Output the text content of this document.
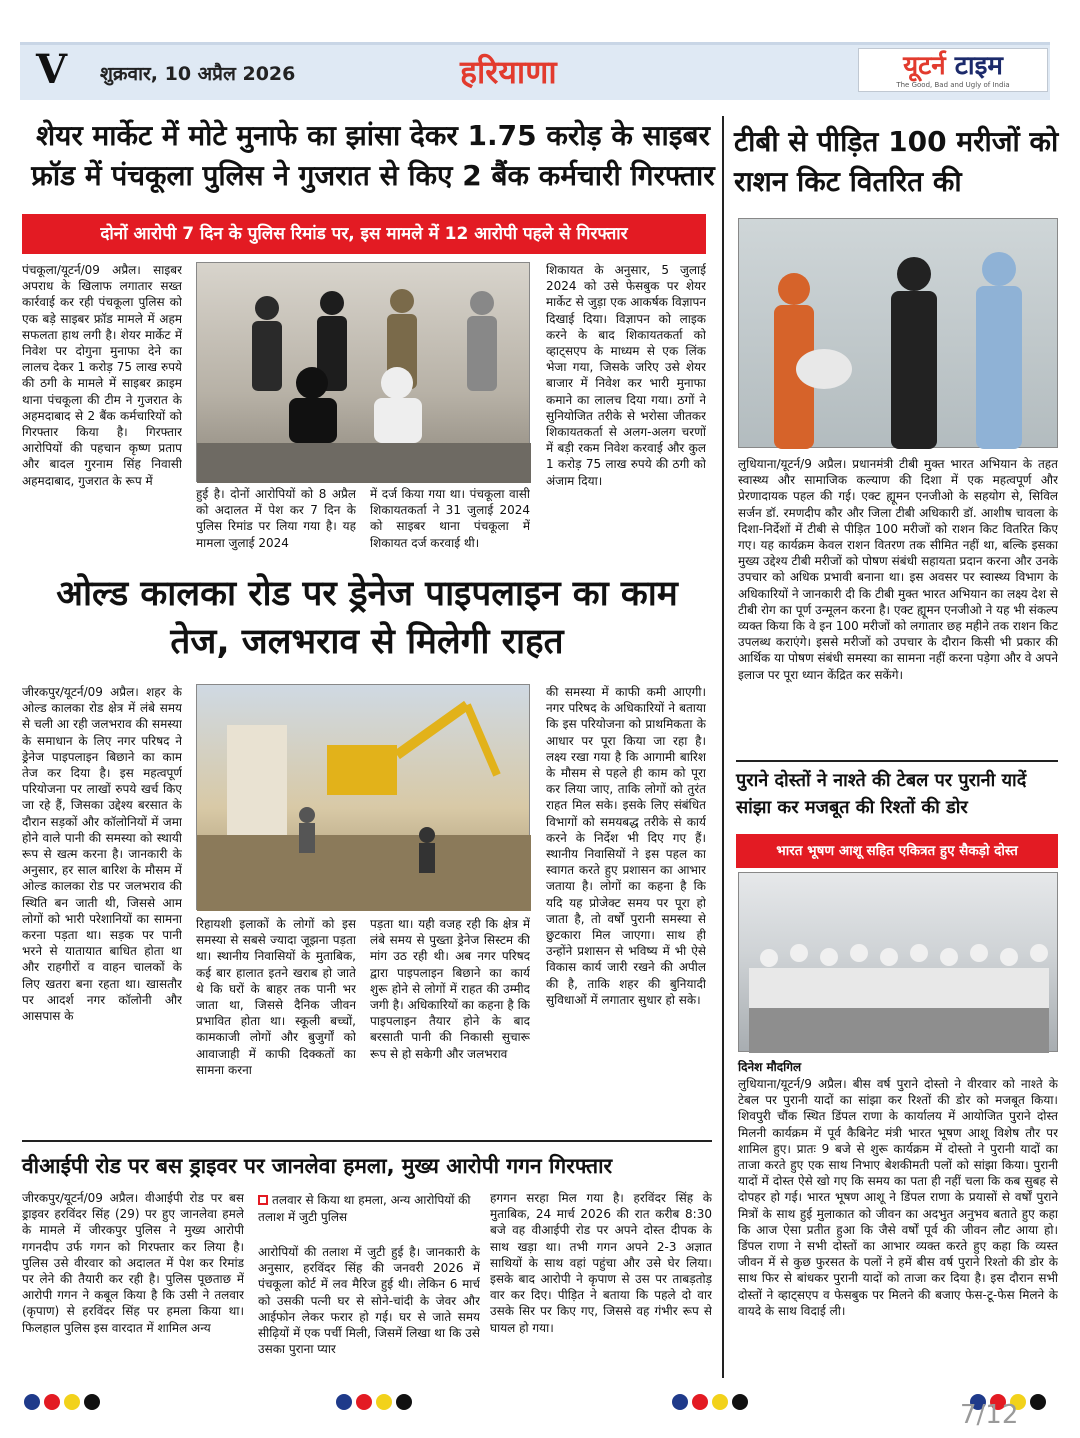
V शुक्रवार, 10 अप्रैल 2026	हरियाणा	यूटर्न टाइम
The Good, Bad and Ugly of India
शेयर मार्केट में मोटे मुनाफे का झांसा देकर 1.75 करोड़ के साइबर फ्रॉड में पंचकूला पुलिस ने गुजरात से किए 2 बैंक कर्मचारी गिरफ्तार
दोनों आरोपी 7 दिन के पुलिस रिमांड पर, इस मामले में 12 आरोपी पहले से गिरफ्तार
पंचकूला/यूटर्न/09 अप्रैल। साइबर अपराध के खिलाफ लगातार सख्त कार्रवाई कर रही पंचकूला पुलिस को एक बड़े साइबर फ्रॉड मामले में अहम सफलता हाथ लगी है। शेयर मार्केट में निवेश पर दोगुना मुनाफा देने का लालच देकर 1 करोड़ 75 लाख रुपये की ठगी के मामले में साइबर क्राइम थाना पंचकूला की टीम ने गुजरात के अहमदाबाद से 2 बैंक कर्मचारियों को गिरफ्तार किया है। गिरफ्तार आरोपियों की पहचान कृष्ण प्रताप और बादल गुरनाम सिंह निवासी अहमदाबाद, गुजरात के रूप में
हुई है। दोनों आरोपियों को 8 अप्रैल को अदालत में पेश कर 7 दिन के पुलिस रिमांड पर लिया गया है। यह मामला जुलाई 2024
में दर्ज किया गया था। पंचकूला वासी शिकायतकर्ता ने 31 जुलाई 2024 को साइबर थाना पंचकूला में शिकायत दर्ज करवाई थी।
शिकायत के अनुसार, 5 जुलाई 2024 को उसे फेसबुक पर शेयर मार्केट से जुड़ा एक आकर्षक विज्ञापन दिखाई दिया। विज्ञापन को लाइक करने के बाद शिकायतकर्ता को व्हाट्सएप के माध्यम से एक लिंक भेजा गया, जिसके जरिए उसे शेयर बाजार में निवेश कर भारी मुनाफा कमाने का लालच दिया गया। ठगों ने सुनियोजित तरीके से भरोसा जीतकर शिकायतकर्ता से अलग-अलग चरणों में बड़ी रकम निवेश करवाई और कुल 1 करोड़ 75 लाख रुपये की ठगी को अंजाम दिया।
ओल्ड कालका रोड पर ड्रेनेज पाइपलाइन का काम तेज, जलभराव से मिलेगी राहत
जीरकपुर/यूटर्न/09 अप्रैल। शहर के ओल्ड कालका रोड क्षेत्र में लंबे समय से चली आ रही जलभराव की समस्या के समाधान के लिए नगर परिषद ने ड्रेनेज पाइपलाइन बिछाने का काम तेज कर दिया है। इस महत्वपूर्ण परियोजना पर लाखों रुपये खर्च किए जा रहे हैं, जिसका उद्देश्य बरसात के दौरान सड़कों और कॉलोनियों में जमा होने वाले पानी की समस्या को स्थायी रूप से खत्म करना है। जानकारी के अनुसार, हर साल बारिश के मौसम में ओल्ड कालका रोड पर जलभराव की स्थिति बन जाती थी, जिससे आम लोगों को भारी परेशानियों का सामना करना पड़ता था। सड़क पर पानी भरने से यातायात बाधित होता था और राहगीरों व वाहन चालकों के लिए खतरा बना रहता था। खासतौर पर आदर्श नगर कॉलोनी और आसपास के
रिहायशी इलाकों के लोगों को इस समस्या से सबसे ज्यादा जूझना पड़ता था। स्थानीय निवासियों के मुताबिक, कई बार हालात इतने खराब हो जाते थे कि घरों के बाहर तक पानी भर जाता था, जिससे दैनिक जीवन प्रभावित होता था। स्कूली बच्चों, कामकाजी लोगों और बुजुर्गों को आवाजाही में काफी दिक्कतों का सामना करना
पड़ता था। यही वजह रही कि क्षेत्र में लंबे समय से पुख्ता ड्रेनेज सिस्टम की मांग उठ रही थी। अब नगर परिषद द्वारा पाइपलाइन बिछाने का कार्य शुरू होने से लोगों में राहत की उम्मीद जगी है। अधिकारियों का कहना है कि पाइपलाइन तैयार होने के बाद बरसाती पानी की निकासी सुचारू रूप से हो सकेगी और जलभराव
की समस्या में काफी कमी आएगी। नगर परिषद के अधिकारियों ने बताया कि इस परियोजना को प्राथमिकता के आधार पर पूरा किया जा रहा है। लक्ष्य रखा गया है कि आगामी बारिश के मौसम से पहले ही काम को पूरा कर लिया जाए, ताकि लोगों को तुरंत राहत मिल सके। इसके लिए संबंधित विभागों को समयबद्ध तरीके से कार्य करने के निर्देश भी दिए गए हैं। स्थानीय निवासियों ने इस पहल का स्वागत करते हुए प्रशासन का आभार जताया है। लोगों का कहना है कि यदि यह प्रोजेक्ट समय पर पूरा हो जाता है, तो वर्षों पुरानी समस्या से छुटकारा मिल जाएगा। साथ ही उन्होंने प्रशासन से भविष्य में भी ऐसे विकास कार्य जारी रखने की अपील की है, ताकि शहर की बुनियादी सुविधाओं में लगातार सुधार हो सके।
वीआईपी रोड पर बस ड्राइवर पर जानलेवा हमला, मुख्य आरोपी गगन गिरफ्तार
जीरकपुर/यूटर्न/09 अप्रैल। वीआईपी रोड पर बस ड्राइवर हरविंदर सिंह (29) पर हुए जानलेवा हमले के मामले में जीरकपुर पुलिस ने मुख्य आरोपी गगनदीप उर्फ गगन को गिरफ्तार कर लिया है। पुलिस उसे वीरवार को अदालत में पेश कर रिमांड पर लेने की तैयारी कर रही है। पुलिस पूछताछ में आरोपी गगन ने कबूल किया है कि उसी ने तलवार (कृपाण) से हरविंदर सिंह पर हमला किया था। फिलहाल पुलिस इस वारदात में शामिल अन्य
तलवार से किया था हमला, अन्य आरोपियों की तलाश में जुटी पुलिस
आरोपियों की तलाश में जुटी हुई है। जानकारी के अनुसार, हरविंदर सिंह की जनवरी 2026 में पंचकूला कोर्ट में लव मैरिज हुई थी। लेकिन 6 मार्च को उसकी पत्नी घर से सोने-चांदी के जेवर और आईफोन लेकर फरार हो गई। घर से जाते समय सीढ़ियों में एक पर्ची मिली, जिसमें लिखा था कि उसे उसका पुराना प्यार
हगगन सरहा मिल गया है। हरविंदर सिंह के मुताबिक, 24 मार्च 2026 की रात करीब 8:30 बजे वह वीआईपी रोड पर अपने दोस्त दीपक के साथ खड़ा था। तभी गगन अपने 2-3 अज्ञात साथियों के साथ वहां पहुंचा और उसे घेर लिया। इसके बाद आरोपी ने कृपाण से उस पर ताबड़तोड़ वार कर दिए। पीड़ित ने बताया कि पहले दो वार उसके सिर पर किए गए, जिससे वह गंभीर रूप से घायल हो गया।
टीबी से पीड़ित 100 मरीजों को राशन किट वितरित की
लुधियाना/यूटर्न/9 अप्रैल। प्रधानमंत्री टीबी मुक्त भारत अभियान के तहत स्वास्थ्य और सामाजिक कल्याण की दिशा में एक महत्वपूर्ण और प्रेरणादायक पहल की गई। एक्ट ह्यूमन एनजीओ के सहयोग से, सिविल सर्जन डॉ. रमणदीप कौर और जिला टीबी अधिकारी डॉ. आशीष चावला के दिशा-निर्देशों में टीबी से पीड़ित 100 मरीजों को राशन किट वितरित किए गए। यह कार्यक्रम केवल राशन वितरण तक सीमित नहीं था, बल्कि इसका मुख्य उद्देश्य टीबी मरीजों को पोषण संबंधी सहायता प्रदान करना और उनके उपचार को अधिक प्रभावी बनाना था। इस अवसर पर स्वास्थ्य विभाग के अधिकारियों ने जानकारी दी कि टीबी मुक्त भारत अभियान का लक्ष्य देश से टीबी रोग का पूर्ण उन्मूलन करना है। एक्ट ह्यूमन एनजीओ ने यह भी संकल्प व्यक्त किया कि वे इन 100 मरीजों को लगातार छह महीने तक राशन किट उपलब्ध कराएंगे। इससे मरीजों को उपचार के दौरान किसी भी प्रकार की आर्थिक या पोषण संबंधी समस्या का सामना नहीं करना पड़ेगा और वे अपने इलाज पर पूरा ध्यान केंद्रित कर सकेंगे।
पुराने दोस्तों ने नाश्ते की टेबल पर पुरानी यादें सांझा कर मजबूत की रिश्तों की डोर
भारत भूषण आशू सहित एकित्रत हुए सैकड़ो दोस्त
दिनेश मौदगिल
लुधियाना/यूटर्न/9 अप्रैल। बीस वर्ष पुराने दोस्तो ने वीरवार को नाश्ते के टेबल पर पुरानी यादों का सांझा कर रिश्तों की डोर को मजबूत किया। शिवपुरी चौंक स्थित डिंपल राणा के कार्यालय में आयोजित पुराने दोस्त मिलनी कार्यक्रम में पूर्व कैबिनेट मंत्री भारत भूषण आशू विशेष तौर पर शामिल हुए। प्रातः 9 बजे से शुरू कार्यक्रम में दोस्तो ने पुरानी यादों का ताजा करते हुए एक साथ निभाए बेशकीमती पलों को सांझा किया। पुरानी यादों में दोस्त ऐसे खो गए कि समय का पता ही नहीं चला कि कब सुबह से दोपहर हो गई। भारत भूषण आशू ने डिंपल राणा के प्रयासों से वर्षों पुराने मित्रों के साथ हुई मुलाकात को जीवन का अदभुत अनुभव बताते हुए कहा कि आज ऐसा प्रतीत हुआ कि जैसे वर्षों पूर्व की जीवन लौट आया हो। डिंपल राणा ने सभी दोस्तों का आभार व्यक्त करते हुए कहा कि व्यस्त जीवन में से कुछ फुरसत के पलों ने हमें बीस वर्ष पुराने रिश्तो की डोर के साथ फिर से बांधकर पुरानी यादों को ताजा कर दिया है। इस दौरान सभी दोस्तों ने व्हाट्सएप व फेसबुक पर मिलने की बजाए फेस-टू-फेस मिलने के वायदे के साथ विदाई ली।
7/12
